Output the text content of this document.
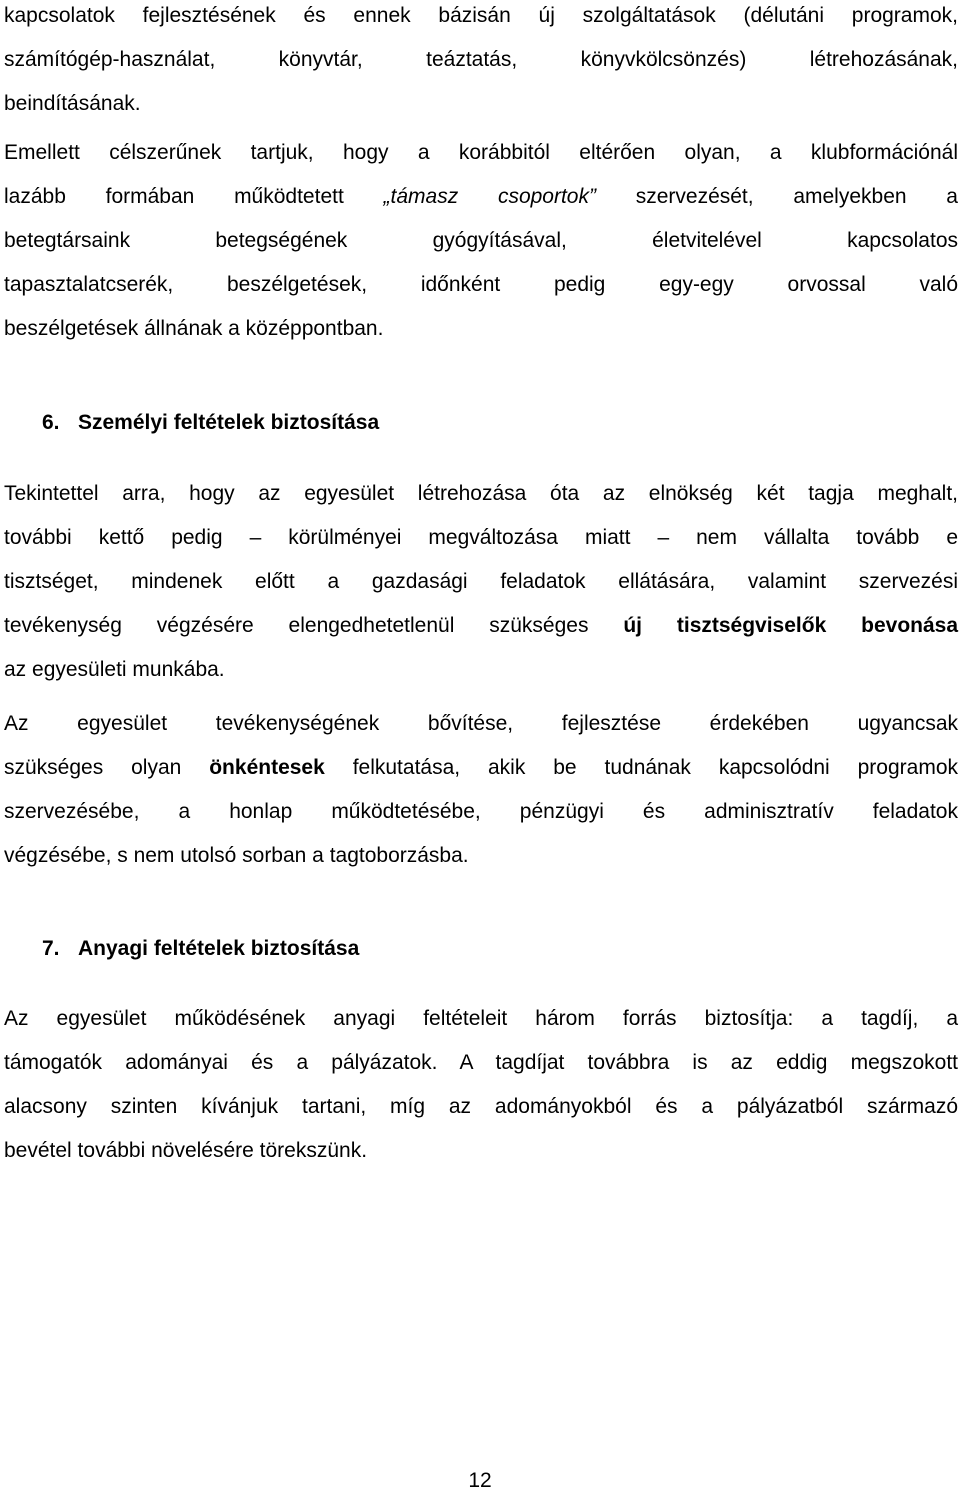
kapcsolatok fejlesztésének és ennek bázisán új szolgáltatások (délutáni programok,
számítógép-használat, könyvtár, teáztatás, könyvkölcsönzés) létrehozásának,
beindításának.
Emellett célszerűnek tartjuk, hogy a korábbitól eltérően olyan, a klubformációnál
lazább formában működtetett „támasz csoportok” szervezését, amelyekben a
betegtársaink betegségének gyógyításával, életvitelével kapcsolatos
tapasztalatcserék, beszélgetések, időnként pedig egy-egy orvossal való
beszélgetések állnának a középpontban.
6. Személyi feltételek biztosítása
Tekintettel arra, hogy az egyesület létrehozása óta az elnökség két tagja meghalt,
további kettő pedig – körülményei megváltozása miatt – nem vállalta tovább e
tisztséget, mindenek előtt a gazdasági feladatok ellátására, valamint szervezési
tevékenység végzésére elengedhetetlenül szükséges új tisztségviselők bevonása
az egyesületi munkába.
Az egyesület tevékenységének bővítése, fejlesztése érdekében ugyancsak
szükséges olyan önkéntesek felkutatása, akik be tudnának kapcsolódni programok
szervezésébe, a honlap működtetésébe, pénzügyi és adminisztratív feladatok
végzésébe, s nem utolsó sorban a tagtoborzásba.
7. Anyagi feltételek biztosítása
Az egyesület működésének anyagi feltételeit három forrás biztosítja: a tagdíj, a
támogatók adományai és a pályázatok. A tagdíjat továbbra is az eddig megszokott
alacsony szinten kívánjuk tartani, míg az adományokból és a pályázatból származó
bevétel további növelésére törekszünk.
12
